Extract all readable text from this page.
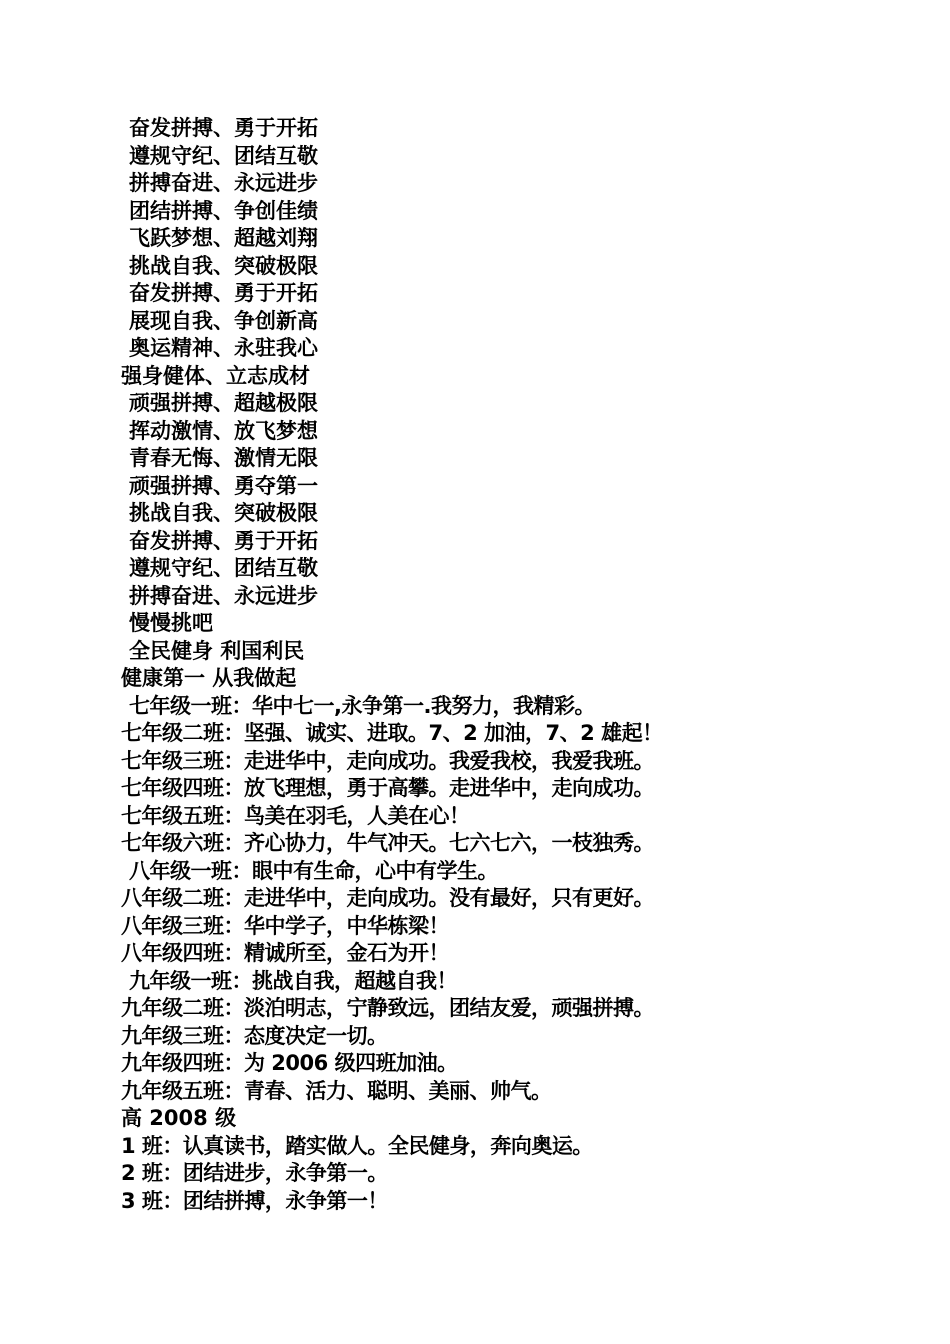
奋发拼搏、勇于开拓
遵规守纪、团结互敬
拼搏奋进、永远进步
团结拼搏、争创佳绩
飞跃梦想、超越刘翔
挑战自我、突破极限
奋发拼搏、勇于开拓
展现自我、争创新高
奥运精神、永驻我心
强身健体、立志成材
顽强拼搏、超越极限
挥动激情、放飞梦想
青春无悔、激情无限
顽强拼搏、勇夺第一
挑战自我、突破极限
奋发拼搏、勇于开拓
遵规守纪、团结互敬
拼搏奋进、永远进步
慢慢挑吧
全民健身 利国利民
健康第一 从我做起
七年级一班：华中七一,永争第一.我努力，我精彩。
七年级二班：坚强、诚实、进取。7、2 加油，7、2 雄起！
七年级三班：走进华中，走向成功。我爱我校，我爱我班。
七年级四班：放飞理想，勇于高攀。走进华中，走向成功。
七年级五班：鸟美在羽毛，人美在心！
七年级六班：齐心协力，牛气冲天。七六七六，一枝独秀。
八年级一班：眼中有生命，心中有学生。
八年级二班：走进华中，走向成功。没有最好，只有更好。
八年级三班：华中学子，中华栋梁！
八年级四班：精诚所至，金石为开！
九年级一班：挑战自我，超越自我！
九年级二班：淡泊明志，宁静致远，团结友爱，顽强拼搏。
九年级三班：态度决定一切。
九年级四班：为 2006 级四班加油。
九年级五班：青春、活力、聪明、美丽、帅气。
高 2008 级
1 班：认真读书，踏实做人。全民健身，奔向奥运。
2 班：团结进步，永争第一。
3 班：团结拼搏，永争第一！
